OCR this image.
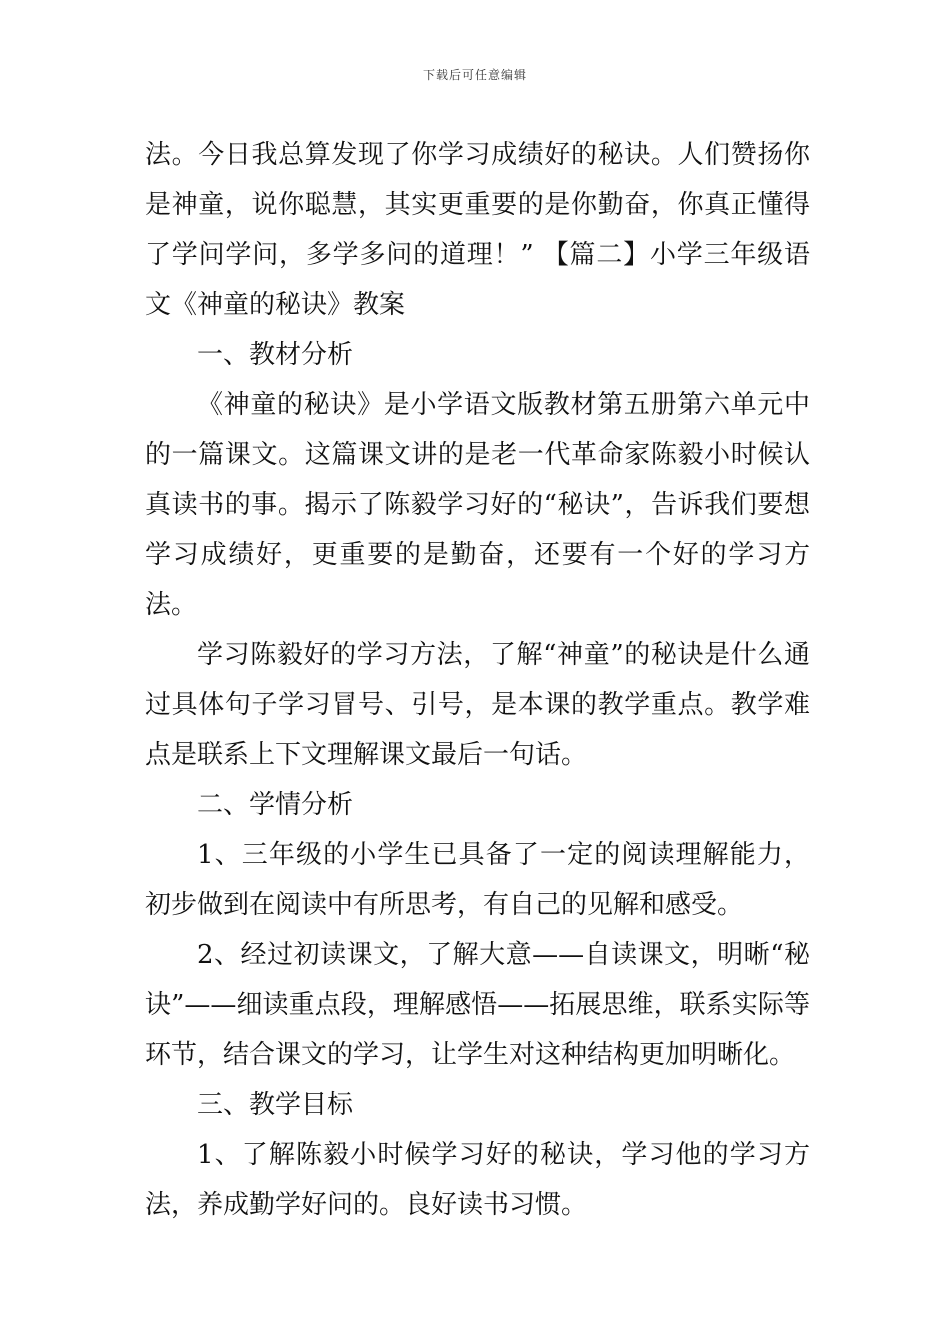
下载后可任意编辑

法。今日我总算发现了你学习成绩好的秘诀。人们赞扬你是神童，说你聪慧，其实更重要的是你勤奋，你真正懂得了学问学问，多学多问的道理！” 【篇二】小学三年级语文《神童的秘诀》教案

一、教材分析

《神童的秘诀》是小学语文版教材第五册第六单元中的一篇课文。这篇课文讲的是老一代革命家陈毅小时候认真读书的事。揭示了陈毅学习好的“秘诀”，告诉我们要想学习成绩好，更重要的是勤奋，还要有一个好的学习方法。

学习陈毅好的学习方法，了解“神童”的秘诀是什么通过具体句子学习冒号、引号，是本课的教学重点。教学难点是联系上下文理解课文最后一句话。

二、学情分析

1、三年级的小学生已具备了一定的阅读理解能力，初步做到在阅读中有所思考，有自己的见解和感受。

2、经过初读课文，了解大意——自读课文，明晰“秘诀”——细读重点段，理解感悟——拓展思维，联系实际等环节，结合课文的学习，让学生对这种结构更加明晰化。

三、教学目标

1、了解陈毅小时候学习好的秘诀，学习他的学习方法，养成勤学好问的。良好读书习惯。
